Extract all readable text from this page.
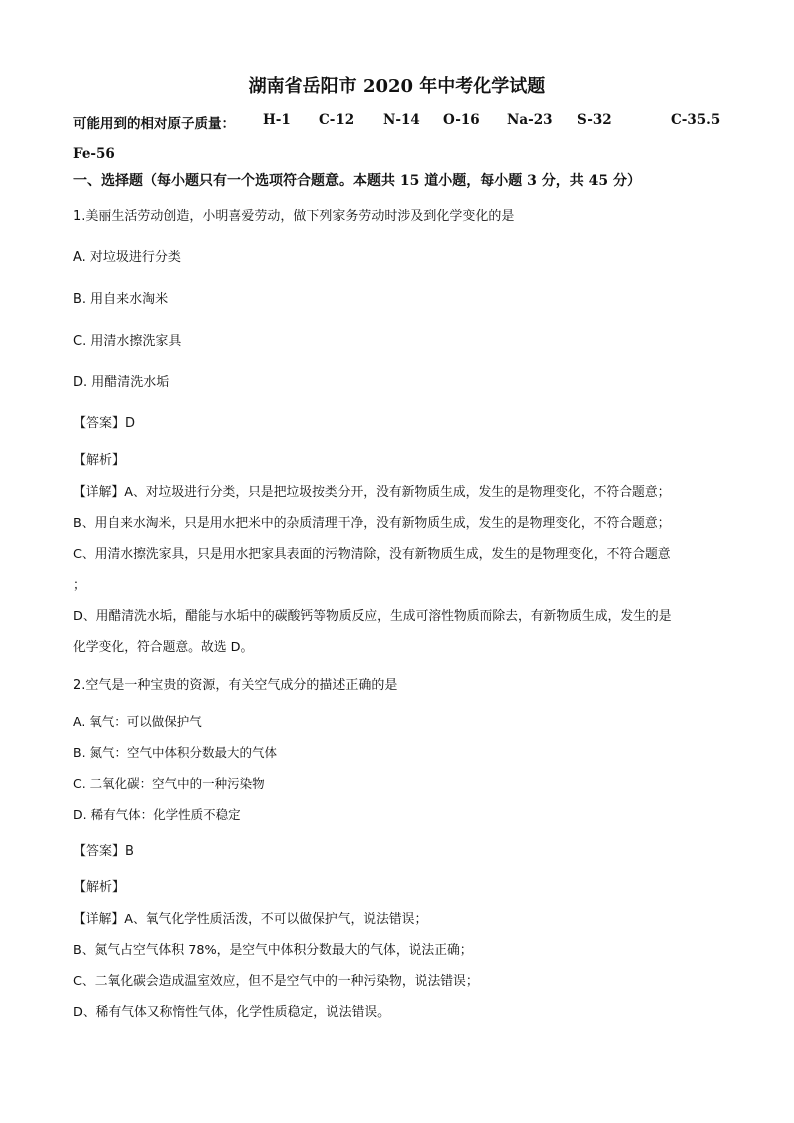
湖南省岳阳市 2020 年中考化学试题
可能用到的相对原子质量： H-1 C-12 N-14 O-16 Na-23 S-32	C-35.5
Fe-56
一、选择题（每小题只有一个选项符合题意。本题共 15 道小题，每小题 3 分，共 45 分）
1.美丽生活劳动创造，小明喜爱劳动，做下列家务劳动时涉及到化学变化的是
A. 对垃圾进行分类
B. 用自来水淘米
C. 用清水擦洗家具
D. 用醋清洗水垢
【答案】D
【解析】
【详解】A、对垃圾进行分类，只是把垃圾按类分开，没有新物质生成，发生的是物理变化，不符合题意；
B、用自来水淘米，只是用水把米中的杂质清理干净，没有新物质生成，发生的是物理变化，不符合题意；
C、用清水擦洗家具，只是用水把家具表面的污物清除，没有新物质生成，发生的是物理变化，不符合题意
；
D、用醋清洗水垢，醋能与水垢中的碳酸钙等物质反应，生成可溶性物质而除去，有新物质生成，发生的是
化学变化，符合题意。故选 D。
2.空气是一种宝贵的资源，有关空气成分的描述正确的是
A. 氧气：可以做保护气
B. 氮气：空气中体积分数最大的气体
C. 二氧化碳：空气中的一种污染物
D. 稀有气体：化学性质不稳定
【答案】B
【解析】
【详解】A、氧气化学性质活泼，不可以做保护气，说法错误；
B、氮气占空气体积 78%，是空气中体积分数最大的气体，说法正确；
C、二氧化碳会造成温室效应，但不是空气中的一种污染物，说法错误；
D、稀有气体又称惰性气体，化学性质稳定，说法错误。
